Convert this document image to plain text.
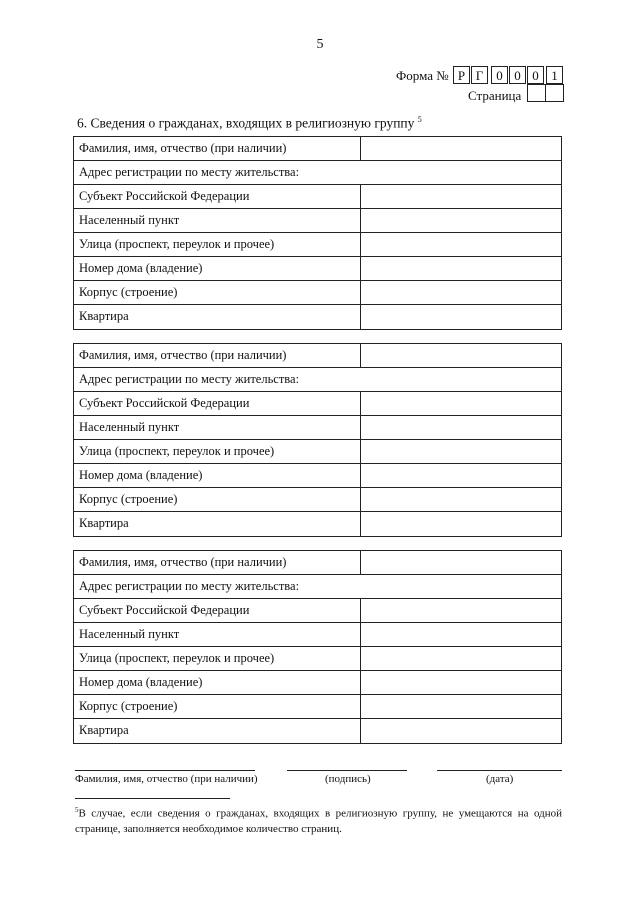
5
Форма № Р Г	0 0 0 1
Страница
6. Сведения о гражданах, входящих в религиозную группу $^5$
Фамилия, имя, отчество (при наличии)
Адрес регистрации по месту жительства:
Субъект Российской Федерации
Населенный пункт
Улица (проспект, переулок и прочее)
Номер дома (владение)
Корпус (строение)
Квартира
Фамилия, имя, отчество (при наличии)
Адрес регистрации по месту жительства:
Субъект Российской Федерации
Населенный пункт
Улица (проспект, переулок и прочее)
Номер дома (владение)
Корпус (строение)
Квартира
Фамилия, имя, отчество (при наличии)
Адрес регистрации по месту жительства:
Субъект Российской Федерации
Населенный пункт
Улица (проспект, переулок и прочее)
Номер дома (владение)
Корпус (строение)
Квартира
Фамилия, имя, отчество (при наличии)	(подпись)	(дата)
$^5$В случае, если сведения о гражданах, входящих в религиозную группу, не умещаются на одной странице, заполняется необходимое количество страниц.
